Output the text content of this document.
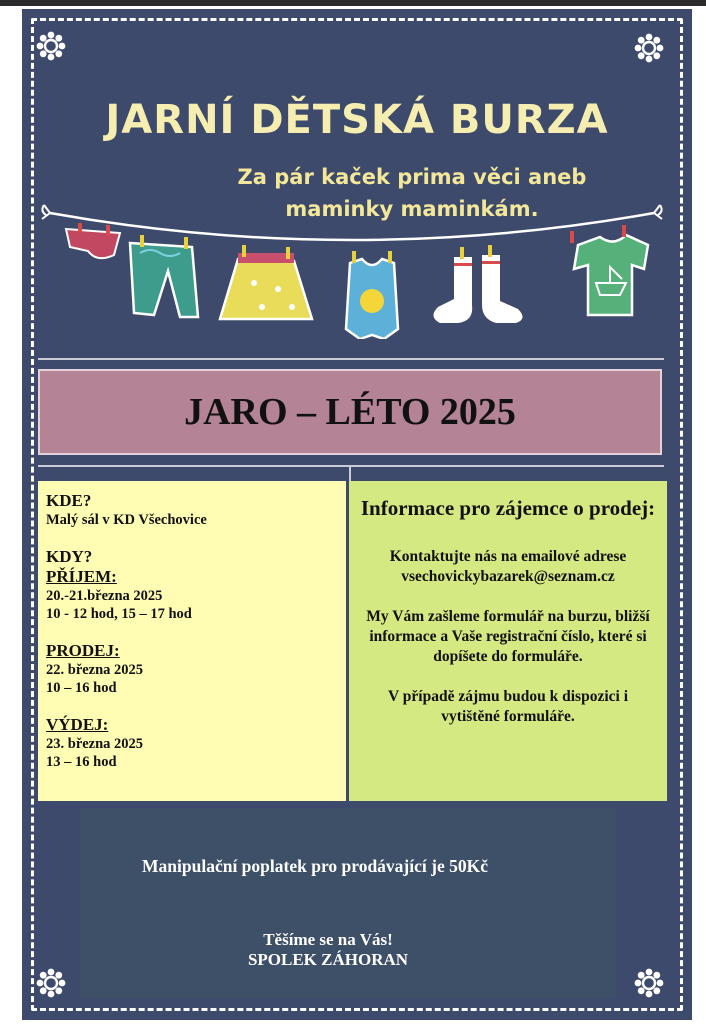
JARNÍ DĚTSKÁ BURZA
Za pár kaček prima věci aneb maminky maminkám.
JARO – LÉTO 2025
KDE?
Malý sál v KD Všechovice
KDY?
PŘÍJEM:
20.-21.března 2025
10 - 12 hod, 15 – 17 hod
PRODEJ:
22. března 2025
10 – 16 hod
VÝDEJ:
23. března 2025
13 – 16 hod
Informace pro zájemce o prodej:
Kontaktujte nás na emailové adrese
vsechovickybazarek@seznam.cz
My Vám zašleme formulář na burzu, bližší informace a Vaše registrační číslo, které si dopíšete do formuláře.
V případě zájmu budou k dispozici i vytištěné formuláře.
Manipulační poplatek pro prodávající je 50Kč
Těšíme se na Vás!
SPOLEK ZÁHORAN
